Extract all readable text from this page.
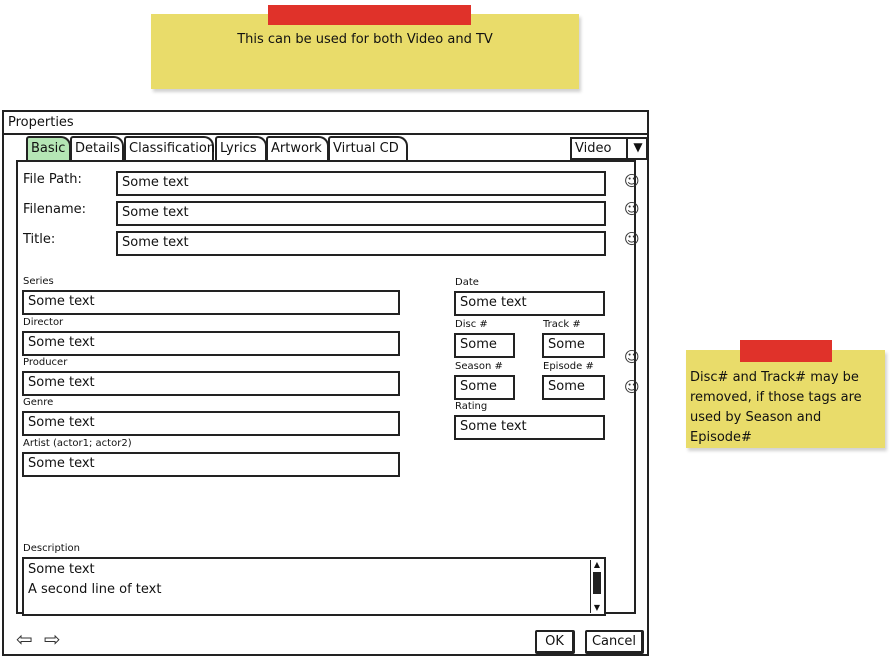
This can be used for both Video and TV
Disc# and Track# may be removed, if those tags are used by Season and Episode#
Properties
Basic Details Classification Lyrics	Artwork Virtual CD	Video	▼
File Path:	Some text	☺
Filename:	Some text	☺
Title:	Some text	☺
Series
Some text
Director
Some text
Producer
Some text
Genre
Some text
Artist (actor1; actor2)
Some text
Date
Some text
Disc #
Some
Track #
Some
Season #
Some
Episode #
Some
☺
☺
Rating
Some text
Description
Some text
A second line of text
▲
▼
⇦ ⇨	OK	Cancel
